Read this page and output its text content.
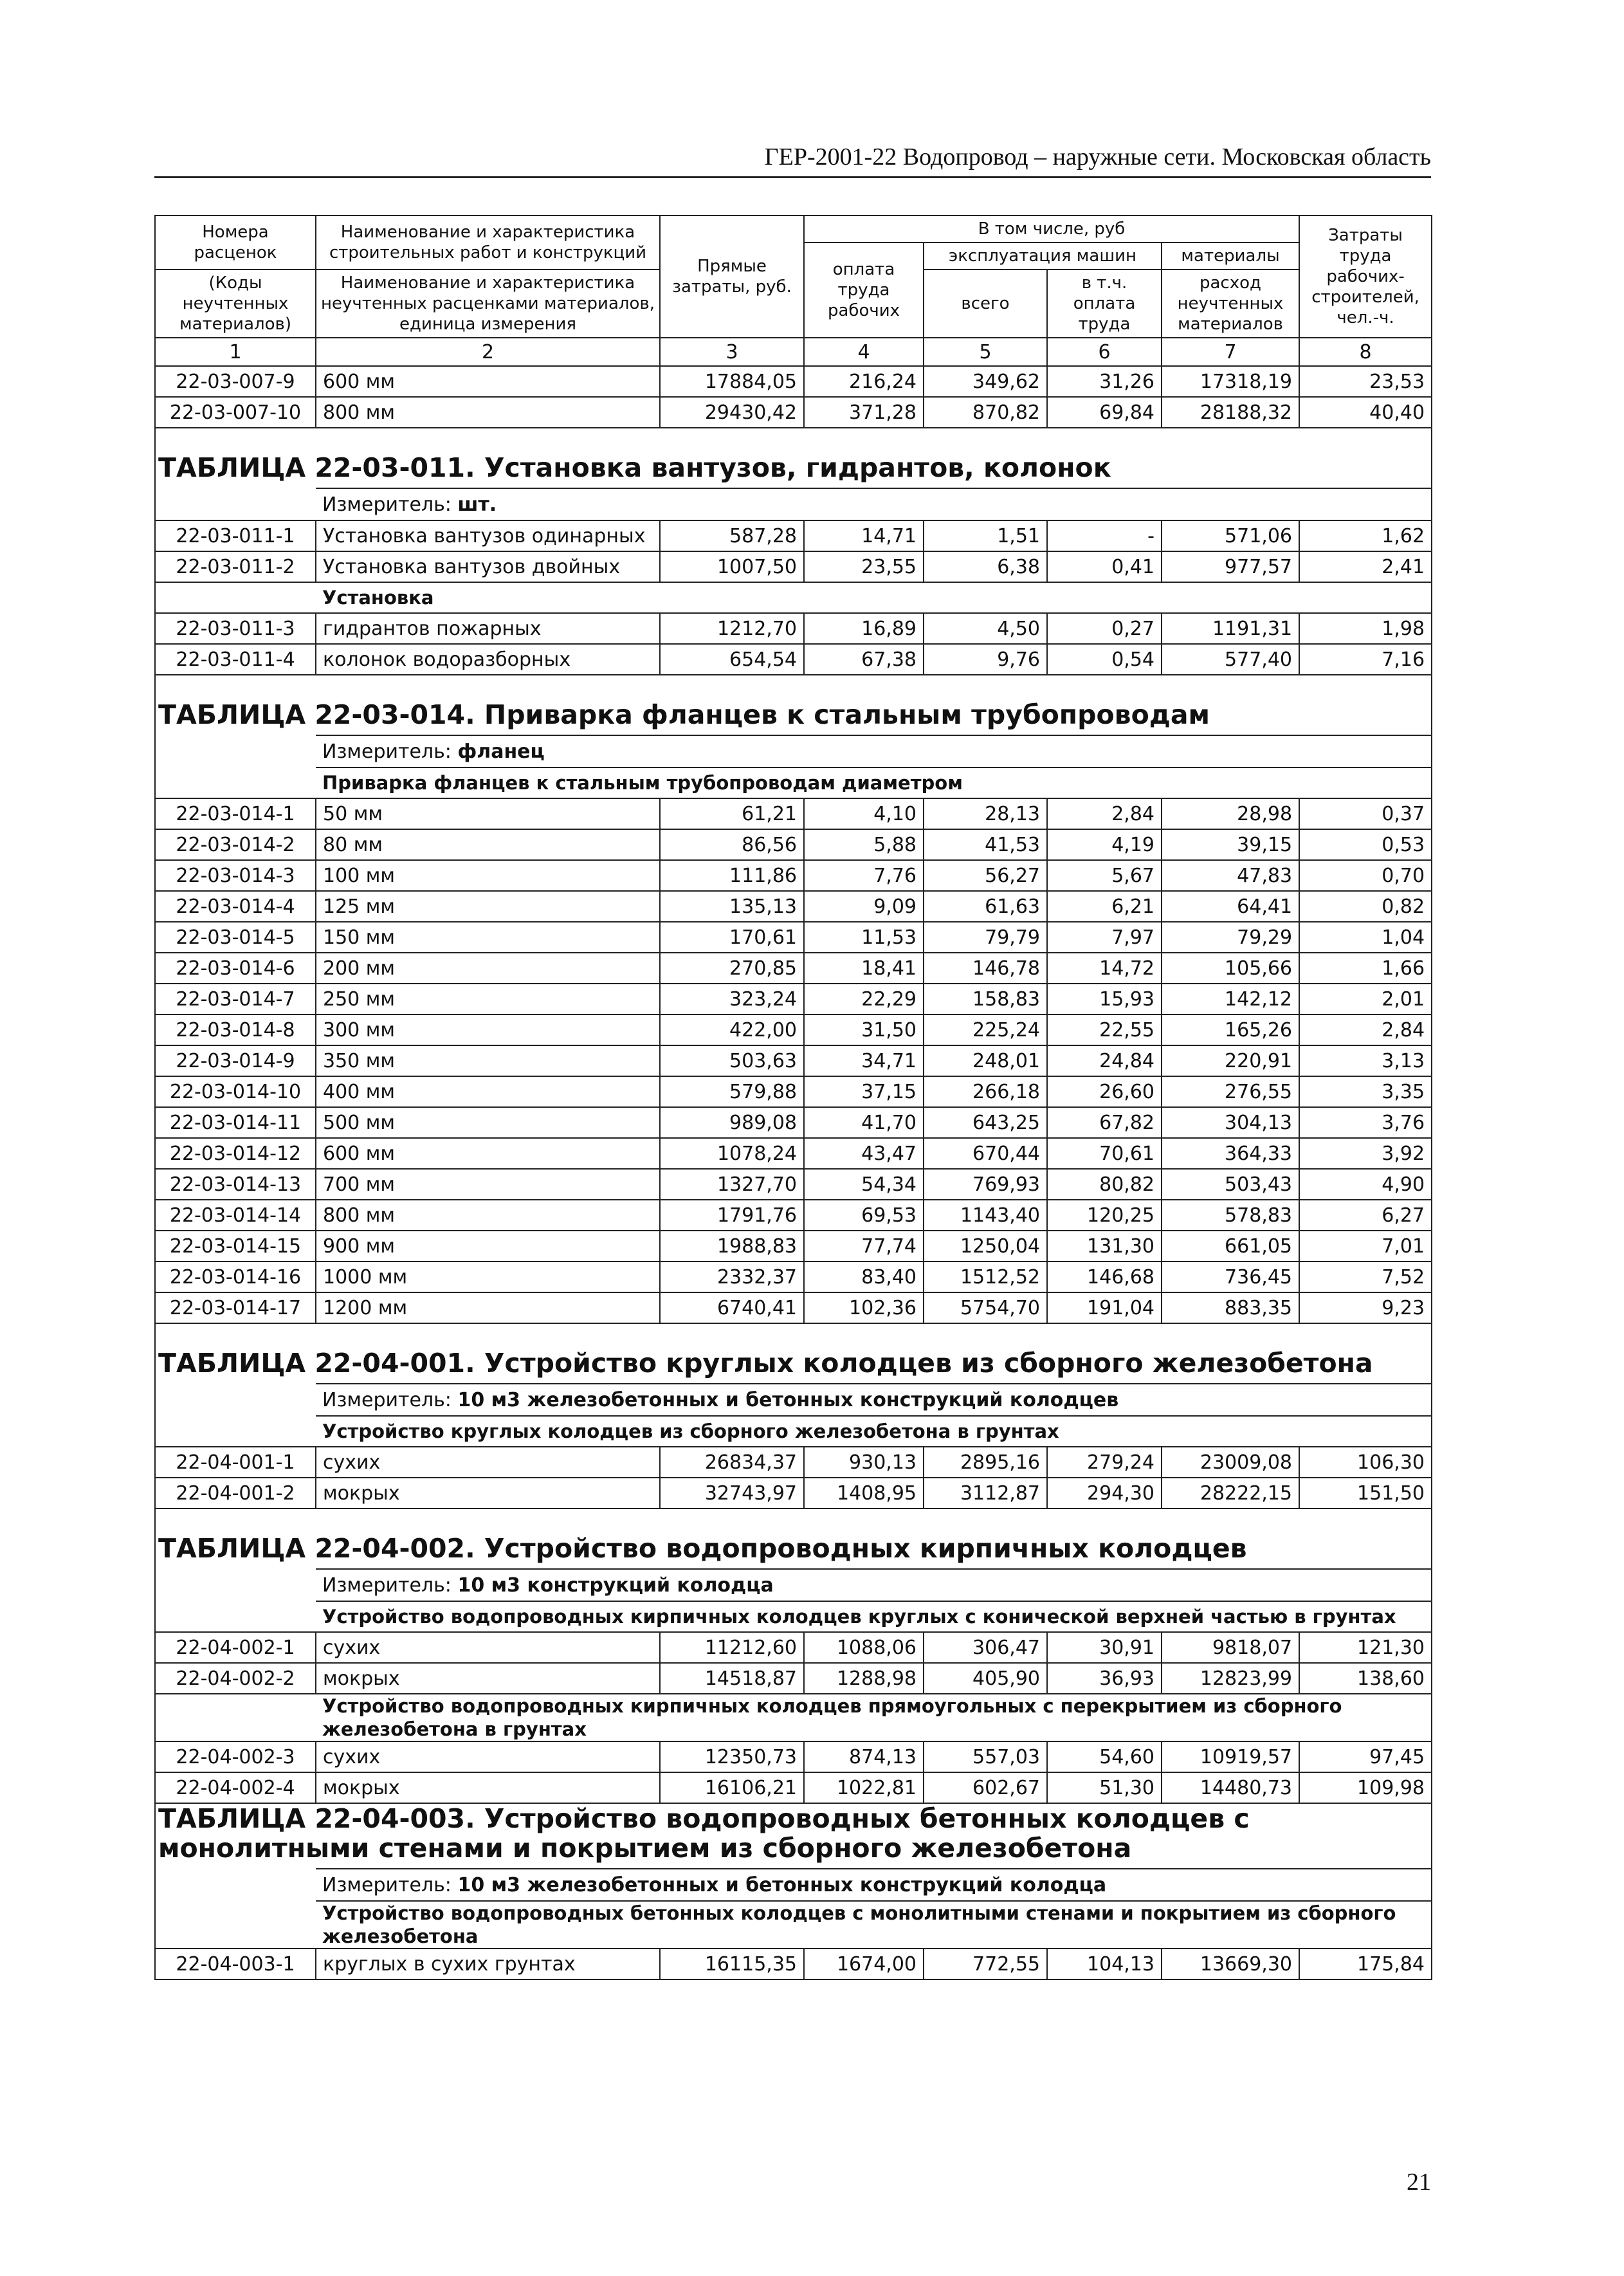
ГЕР-2001-22 Водопровод – наружные сети. Московская область
Номера расценок	Наименование и характеристика строительных работ и конструкций	Прямые затраты, руб.	В том числе, руб				Затраты труда рабочих-строителей, чел.-ч.
			оплата труда рабочих	эксплуатация машин		материалы	
(Коды неучтенных материалов)	Наименование и характеристика неучтенных расценками материалов, единица измерения			всего	в т.ч. оплата труда	расход неучтенных материалов	

1	2	3	4	5	6	7	8
22-03-007-9	600 мм	17884,05	216,24	349,62	31,26	17318,19	23,53
22-03-007-10	800 мм	29430,42	371,28	870,82	69,84	28188,32	40,40
ТАБЛИЦА 22-03-011. Установка вантузов, гидрантов, колонок							
	Измеритель: шт.						
22-03-011-1	Установка вантузов одинарных	587,28	14,71	1,51	-	571,06	1,62
22-03-011-2	Установка вантузов двойных	1007,50	23,55	6,38	0,41	977,57	2,41
	Установка						
22-03-011-3	гидрантов пожарных	1212,70	16,89	4,50	0,27	1191,31	1,98
22-03-011-4	колонок водоразборных	654,54	67,38	9,76	0,54	577,40	7,16
ТАБЛИЦА 22-03-014. Приварка фланцев к стальным трубопроводам							
	Измеритель: фланец						
	Приварка фланцев к стальным трубопроводам диаметром						
22-03-014-1	50 мм	61,21	4,10	28,13	2,84	28,98	0,37
22-03-014-2	80 мм	86,56	5,88	41,53	4,19	39,15	0,53
22-03-014-3	100 мм	111,86	7,76	56,27	5,67	47,83	0,70
22-03-014-4	125 мм	135,13	9,09	61,63	6,21	64,41	0,82
22-03-014-5	150 мм	170,61	11,53	79,79	7,97	79,29	1,04
22-03-014-6	200 мм	270,85	18,41	146,78	14,72	105,66	1,66
22-03-014-7	250 мм	323,24	22,29	158,83	15,93	142,12	2,01
22-03-014-8	300 мм	422,00	31,50	225,24	22,55	165,26	2,84
22-03-014-9	350 мм	503,63	34,71	248,01	24,84	220,91	3,13
22-03-014-10	400 мм	579,88	37,15	266,18	26,60	276,55	3,35
22-03-014-11	500 мм	989,08	41,70	643,25	67,82	304,13	3,76
22-03-014-12	600 мм	1078,24	43,47	670,44	70,61	364,33	3,92
22-03-014-13	700 мм	1327,70	54,34	769,93	80,82	503,43	4,90
22-03-014-14	800 мм	1791,76	69,53	1143,40	120,25	578,83	6,27
22-03-014-15	900 мм	1988,83	77,74	1250,04	131,30	661,05	7,01
22-03-014-16	1000 мм	2332,37	83,40	1512,52	146,68	736,45	7,52
22-03-014-17	1200 мм	6740,41	102,36	5754,70	191,04	883,35	9,23
ТАБЛИЦА 22-04-001. Устройство круглых колодцев из сборного железобетона							
	Измеритель: 10 м3 железобетонных и бетонных конструкций колодцев						
	Устройство круглых колодцев из сборного железобетона в грунтах						
22-04-001-1	сухих	26834,37	930,13	2895,16	279,24	23009,08	106,30
22-04-001-2	мокрых	32743,97	1408,95	3112,87	294,30	28222,15	151,50
ТАБЛИЦА 22-04-002. Устройство водопроводных кирпичных колодцев							
	Измеритель: 10 м3 конструкций колодца						
	Устройство водопроводных кирпичных колодцев круглых с конической верхней частью в грунтах						
22-04-002-1	сухих	11212,60	1088,06	306,47	30,91	9818,07	121,30
22-04-002-2	мокрых	14518,87	1288,98	405,90	36,93	12823,99	138,60
	Устройство водопроводных кирпичных колодцев прямоугольных с перекрытием из сборного железобетона в грунтах						
22-04-002-3	сухих	12350,73	874,13	557,03	54,60	10919,57	97,45
22-04-002-4	мокрых	16106,21	1022,81	602,67	51,30	14480,73	109,98
ТАБЛИЦА 22-04-003. Устройство водопроводных бетонных колодцев с монолитными стенами и покрытием из сборного железобетона							
	Измеритель: 10 м3 железобетонных и бетонных конструкций колодца						
	Устройство водопроводных бетонных колодцев с монолитными стенами и покрытием из сборного железобетона						
22-04-003-1	круглых в сухих грунтах	16115,35	1674,00	772,55	104,13	13669,30	175,84
21
